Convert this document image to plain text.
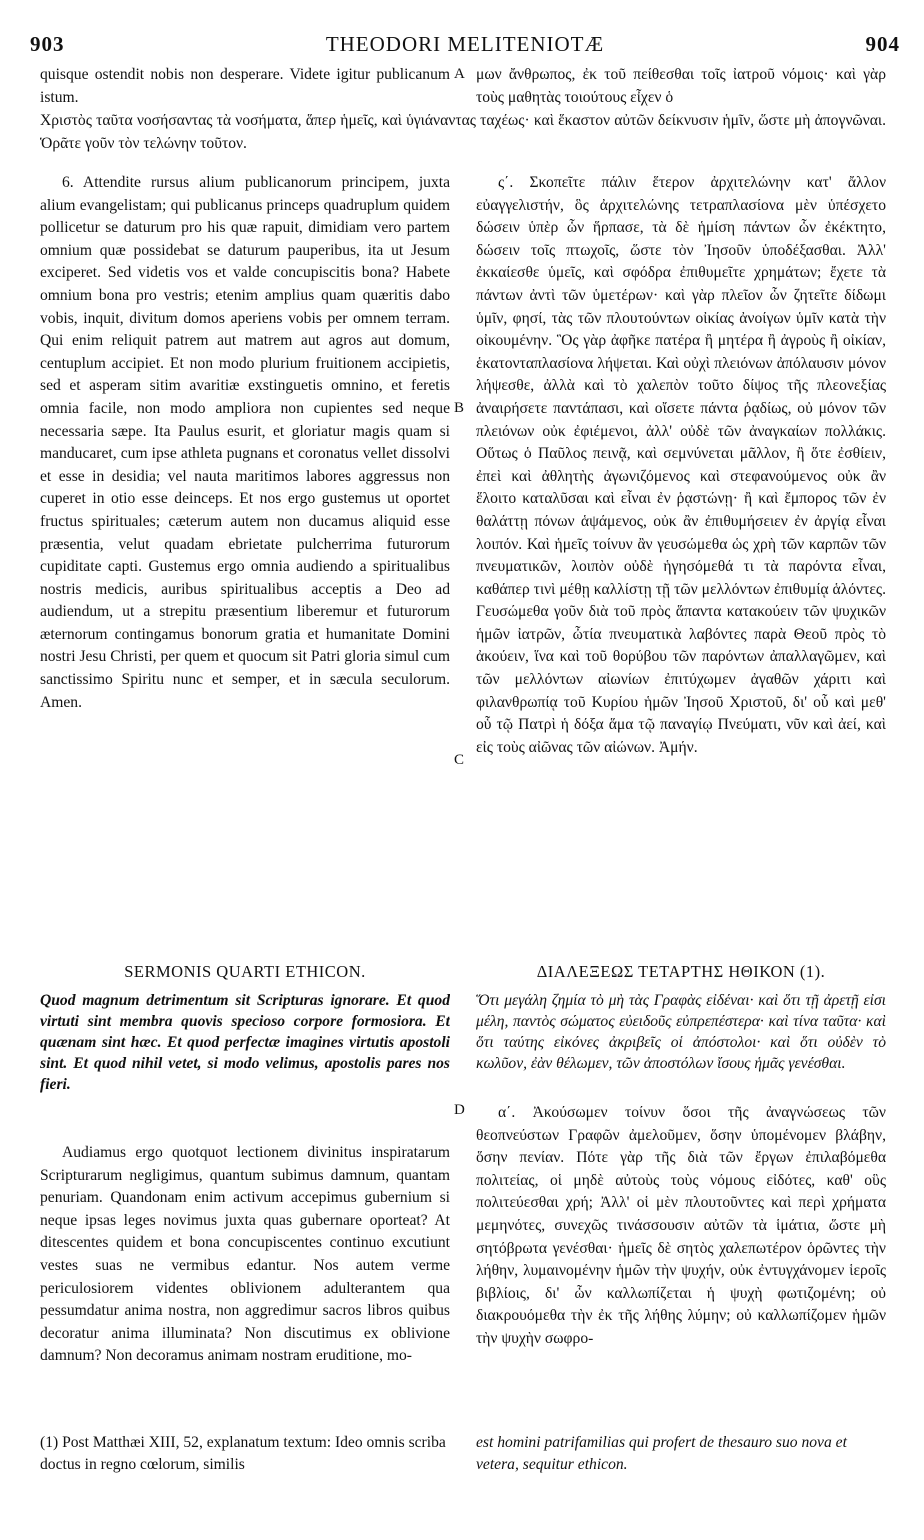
903	THEODORI MELITENIOTÆ	904

quisque ostendit nobis non desperare. Videte igitur publicanum istum.

μων ἄνθρωπος, ἐκ τοῦ πείθεσθαι τοῖς ἰατροῦ νόμοις· καὶ γὰρ τοὺς μαθητὰς τοιούτους εἶχεν ὁ

Χριστὸς ταῦτα νοσήσαντας τὰ νοσήματα, ἅπερ ἡμεῖς, καὶ ὑγιάναντας ταχέως· καὶ ἕκαστον αὐτῶν δείκνυσιν ἡμῖν, ὥστε μὴ ἀπογνῶναι. Ὁρᾶτε γοῦν τὸν τελώνην τοῦτον.

6. Attendite rursus alium publicanorum principem, juxta alium evangelistam; qui publicanus princeps quadruplum quidem pollicetur se daturum pro his quæ rapuit, dimidiam vero partem omnium quæ possidebat se daturum pauperibus, ita ut Jesum exciperet. Sed videtis vos et valde concupiscitis bona? Habete omnium bona pro vestris; etenim amplius quam quæritis dabo vobis, inquit, divitum domos aperiens vobis per omnem terram. Qui enim reliquit patrem aut matrem aut agros aut domum, centuplum accipiet. Et non modo plurium fruitionem accipietis, sed et asperam sitim avaritiæ exstinguetis omnino, et feretis omnia facile, non modo ampliora non cupientes sed neque necessaria sæpe. Ita Paulus esurit, et gloriatur magis quam si manducaret, cum ipse athleta pugnans et coronatus vellet dissolvi et esse in desidia; vel nauta maritimos labores aggressus non cuperet in otio esse deinceps. Et nos ergo gustemus ut oportet fructus spirituales; cæterum autem non ducamus aliquid esse præsentia, velut quadam ebrietate pulcherrima futurorum cupiditate capti. Gustemus ergo omnia audiendo a spiritualibus nostris medicis, auribus spiritualibus acceptis a Deo ad audiendum, ut a strepitu præsentium liberemur et futurorum æternorum contingamus bonorum gratia et humanitate Domini nostri Jesu Christi, per quem et quocum sit Patri gloria simul cum sanctissimo Spiritu nunc et semper, et in sæcula seculorum. Amen.

ς΄. Σκοπεῖτε πάλιν ἕτερον ἀρχιτελώνην κατ' ἄλλον εὐαγγελιστήν, ὃς ἀρχιτελώνης τετραπλασίονα μὲν ὑπέσχετο δώσειν ὑπὲρ ὧν ἥρπασε, τὰ δὲ ἡμίση πάντων ὧν ἐκέκτητο, δώσειν τοῖς πτωχοῖς, ὥστε τὸν Ἰησοῦν ὑποδέξασθαι. Ἀλλ' ἐκκαίεσθε ὑμεῖς, καὶ σφόδρα ἐπιθυμεῖτε χρημάτων; ἔχετε τὰ πάντων ἀντὶ τῶν ὑμετέρων· καὶ γὰρ πλεῖον ὧν ζητεῖτε δίδωμι ὑμῖν, φησί, τὰς τῶν πλουτούντων οἰκίας ἀνοίγων ὑμῖν κατὰ τὴν οἰκουμένην. Ὃς γὰρ ἀφῆκε πατέρα ἢ μητέρα ἢ ἀγροὺς ἢ οἰκίαν, ἑκατονταπλασίονα λήψεται. Καὶ οὐχὶ πλειόνων ἀπόλαυσιν μόνον λήψεσθε, ἀλλὰ καὶ τὸ χαλεπὸν τοῦτο δίψος τῆς πλεονεξίας ἀναιρήσετε παντάπασι, καὶ οἴσετε πάντα ῥᾳδίως, οὐ μόνον τῶν πλειόνων οὐκ ἐφιέμενοι, ἀλλ' οὐδὲ τῶν ἀναγκαίων πολλάκις. Οὕτως ὁ Παῦλος πεινᾷ, καὶ σεμνύνεται μᾶλλον, ἢ ὅτε ἐσθίειν, ἐπεὶ καὶ ἀθλητὴς ἀγωνιζόμενος καὶ στεφανούμενος οὐκ ἂν ἕλοιτο καταλῦσαι καὶ εἶναι ἐν ῥᾳστώνῃ· ἢ καὶ ἔμπορος τῶν ἐν θαλάττῃ πόνων ἁψάμενος, οὐκ ἂν ἐπιθυμήσειεν ἐν ἀργίᾳ εἶναι λοιπόν. Καὶ ἡμεῖς τοίνυν ἂν γευσώμεθα ὡς χρὴ τῶν καρπῶν τῶν πνευματικῶν, λοιπὸν οὐδὲ ἡγησόμεθά τι τὰ παρόντα εἶναι, καθάπερ τινὶ μέθῃ καλλίστῃ τῇ τῶν μελλόντων ἐπιθυμίᾳ ἁλόντες. Γευσώμεθα γοῦν διὰ τοῦ πρὸς ἅπαντα κατακούειν τῶν ψυχικῶν ἡμῶν ἰατρῶν, ὦτία πνευματικὰ λαβόντες παρὰ Θεοῦ πρὸς τὸ ἀκούειν, ἵνα καὶ τοῦ θορύβου τῶν παρόντων ἀπαλλαγῶμεν, καὶ τῶν μελλόντων αἰωνίων ἐπιτύχωμεν ἀγαθῶν χάριτι καὶ φιλανθρωπίᾳ τοῦ Κυρίου ἡμῶν Ἰησοῦ Χριστοῦ, δι' οὗ καὶ μεθ' οὗ τῷ Πατρὶ ἡ δόξα ἅμα τῷ παναγίῳ Πνεύματι, νῦν καὶ ἀεί, καὶ εἰς τοὺς αἰῶνας τῶν αἰώνων. Ἀμήν.

SERMONIS QUARTI ETHICON.	ΔΙΑΛΕΞΕΩΣ ΤΕΤΑΡΤΗΣ ΗΘΙΚΟΝ (1).

Quod magnum detrimentum sit Scripturas ignorare. Et quod virtuti sint membra quovis specioso corpore formosiora. Et quænam sint hæc. Et quod perfectæ imagines virtutis apostoli sint. Et quod nihil vetet, si modo velimus, apostolis pares nos fieri.

Ὅτι μεγάλη ζημία τὸ μὴ τὰς Γραφὰς εἰδέναι· καὶ ὅτι τῇ ἀρετῇ εἰσι μέλη, παντὸς σώματος εὐειδοῦς εὐπρεπέστερα· καὶ τίνα ταῦτα· καὶ ὅτι ταύτης εἰκόνες ἀκριβεῖς οἱ ἀπόστολοι· καὶ ὅτι οὐδὲν τὸ κωλῦον, ἐὰν θέλωμεν, τῶν ἀποστόλων ἴσους ἡμᾶς γενέσθαι.

Audiamus ergo quotquot lectionem divinitus inspiratarum Scripturarum negligimus, quantum subimus damnum, quantam penuriam. Quandonam enim activum accepimus gubernium si neque ipsas leges novimus juxta quas gubernare oporteat? At ditescentes quidem et bona concupiscentes continuo excutiunt vestes suas ne vermibus edantur. Nos autem verme periculosiorem videntes oblivionem adulterantem qua pessumdatur anima nostra, non aggredimur sacros libros quibus decoratur anima illuminata? Non discutimus ex oblivione damnum? Non decoramus animam nostram eruditione, mo-

α΄. Ἀκούσωμεν τοίνυν ὅσοι τῆς ἀναγνώσεως τῶν θεοπνεύστων Γραφῶν ἀμελοῦμεν, ὅσην ὑπομένομεν βλάβην, ὅσην πενίαν. Πότε γὰρ τῆς διὰ τῶν ἔργων ἐπιλαβόμεθα πολιτείας, οἱ μηδὲ αὐτοὺς τοὺς νόμους εἰδότες, καθ' οὓς πολιτεύεσθαι χρή; Ἀλλ' οἱ μὲν πλουτοῦντες καὶ περὶ χρήματα μεμηνότες, συνεχῶς τινάσσουσιν αὐτῶν τὰ ἱμάτια, ὥστε μὴ σητόβρωτα γενέσθαι· ἡμεῖς δὲ σητὸς χαλεπωτέρον ὁρῶντες τὴν λήθην, λυμαινομένην ἡμῶν τὴν ψυχήν, οὐκ ἐντυγχάνομεν ἱεροῖς βιβλίοις, δι' ὧν καλλωπίζεται ἡ ψυχὴ φωτιζομένη; οὐ διακρουόμεθα τὴν ἐκ τῆς λήθης λύμην; οὐ καλλωπίζομεν ἡμῶν τὴν ψυχὴν σωφρο-

(1) Post Matthæi XIII, 52, explanatum textum: Ideo omnis scriba doctus in regno cœlorum, similis

est homini patrifamilias qui profert de thesauro suo nova et vetera, sequitur ethicon.

A
B
C
D
